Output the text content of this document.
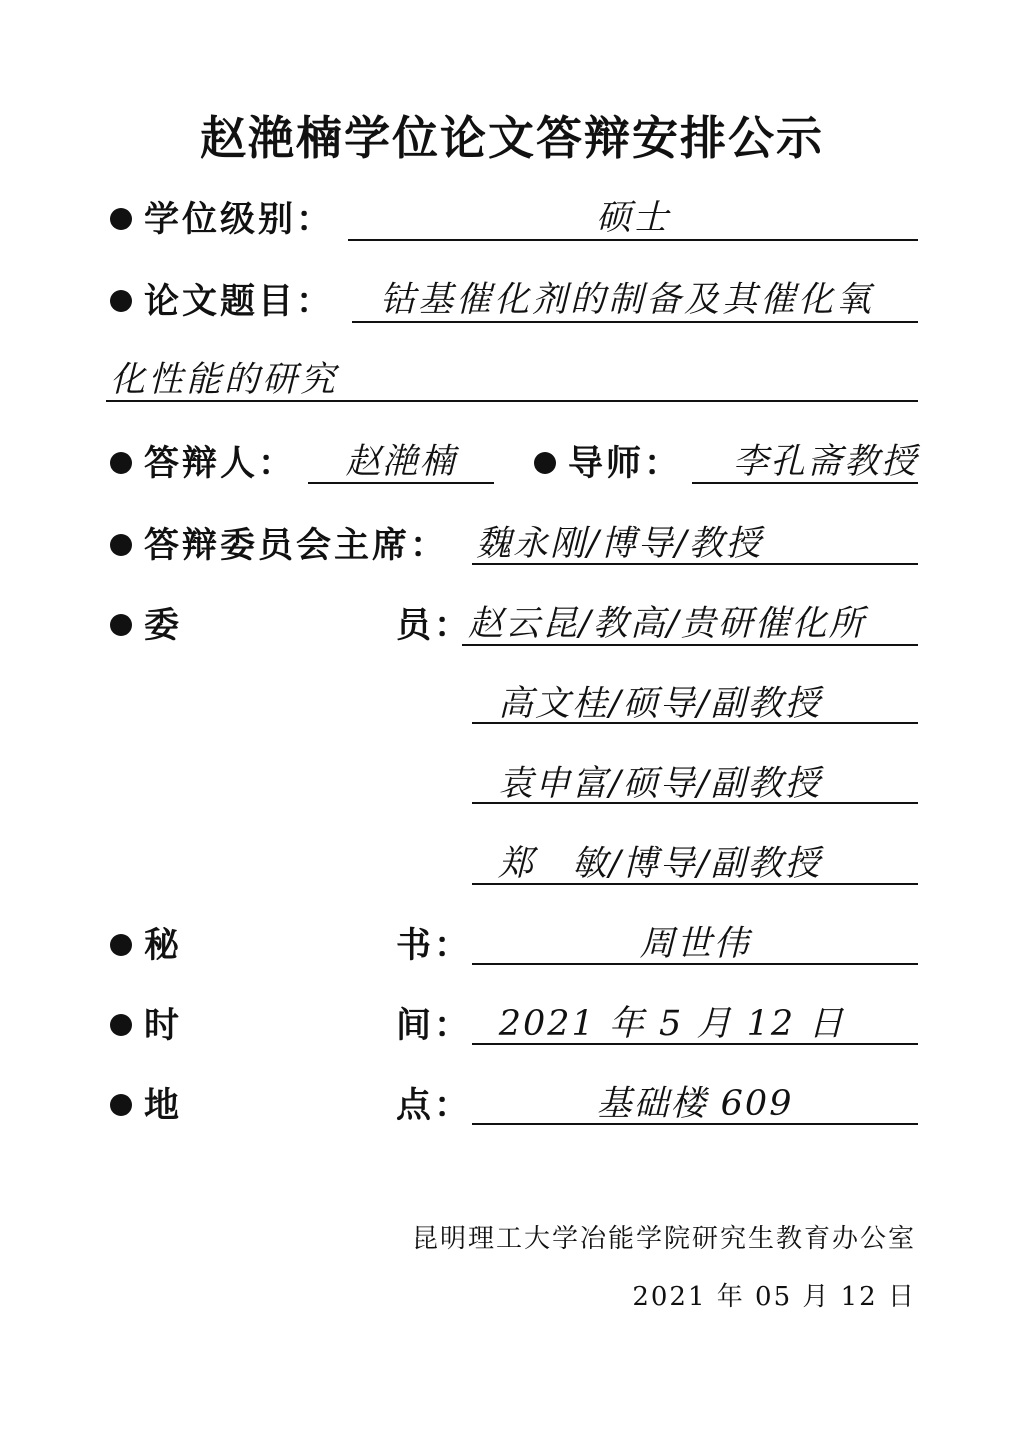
赵滟楠学位论文答辩安排公示
学位级别：	硕士
论文题目： 钴基催化剂的制备及其催化氧
化性能的研究
答辩人：	赵滟楠	导师：	李孔斋教授
答辩委员会主席： 魏永刚/博导/教授
委	员：
赵云昆/教高/贵研催化所
高文桂/硕导/副教授
袁申富/硕导/副教授
郑　敏/博导/副教授
秘	书：	周世伟
时	间： 2021 年 5 月 12 日
地	点：	基础楼 609
昆明理工大学冶能学院研究生教育办公室
2021 年 05 月 12 日
